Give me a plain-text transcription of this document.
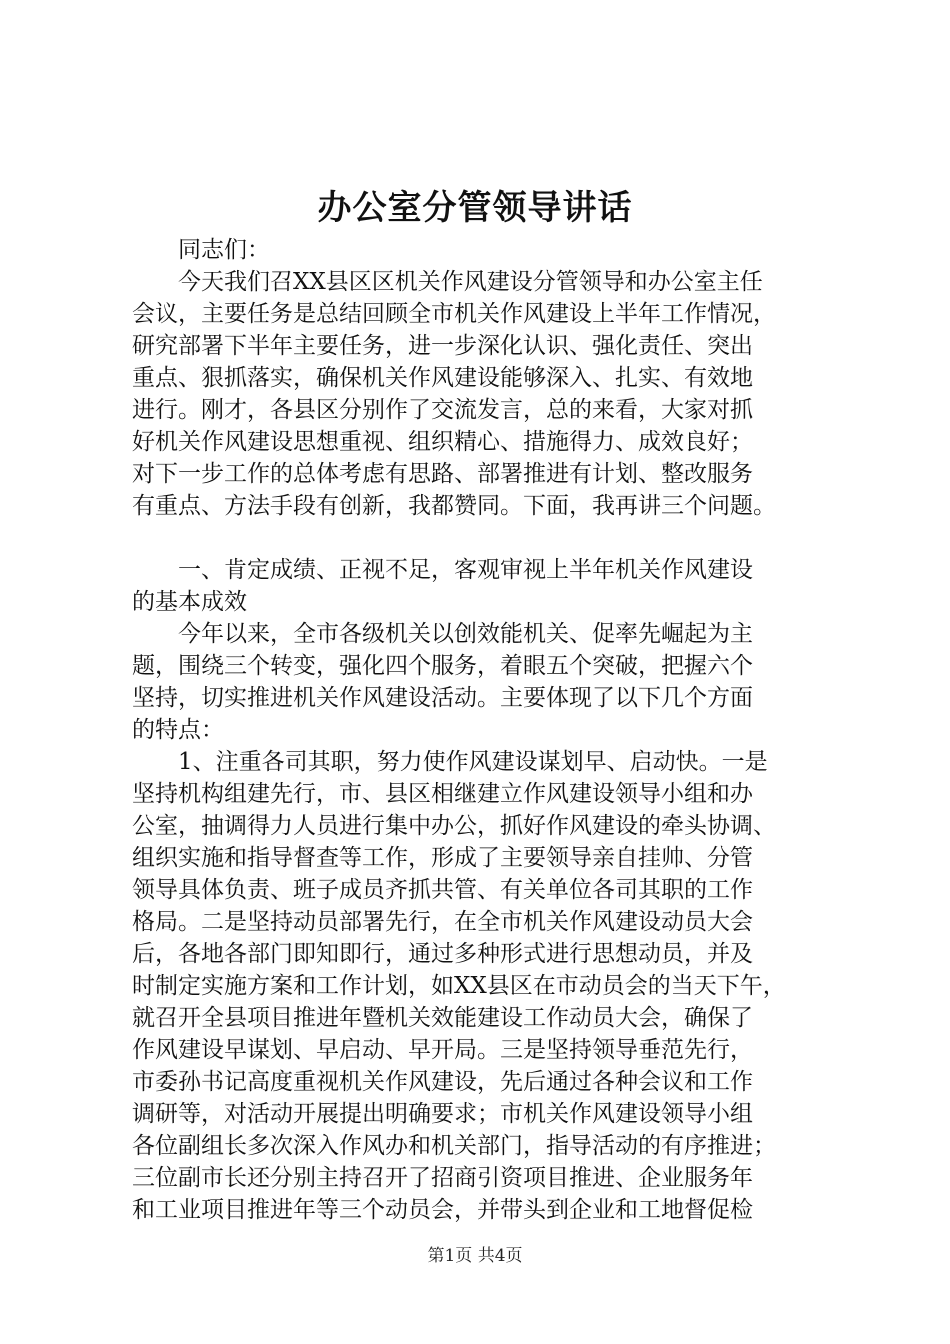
办公室分管领导讲话
　　同志们：
　　今天我们召XX县区区机关作风建设分管领导和办公室主任
会议，主要任务是总结回顾全市机关作风建设上半年工作情况，
研究部署下半年主要任务，进一步深化认识、强化责任、突出
重点、狠抓落实，确保机关作风建设能够深入、扎实、有效地
进行。刚才，各县区分别作了交流发言，总的来看，大家对抓
好机关作风建设思想重视、组织精心、措施得力、成效良好；
对下一步工作的总体考虑有思路、部署推进有计划、整改服务
有重点、方法手段有创新，我都赞同。下面，我再讲三个问题。
　　一、肯定成绩、正视不足，客观审视上半年机关作风建设
的基本成效
　　今年以来，全市各级机关以创效能机关、促率先崛起为主
题，围绕三个转变，强化四个服务，着眼五个突破，把握六个
坚持，切实推进机关作风建设活动。主要体现了以下几个方面
的特点：
　　1、注重各司其职，努力使作风建设谋划早、启动快。一是
坚持机构组建先行，市、县区相继建立作风建设领导小组和办
公室，抽调得力人员进行集中办公，抓好作风建设的牵头协调、
组织实施和指导督查等工作，形成了主要领导亲自挂帅、分管
领导具体负责、班子成员齐抓共管、有关单位各司其职的工作
格局。二是坚持动员部署先行，在全市机关作风建设动员大会
后，各地各部门即知即行，通过多种形式进行思想动员，并及
时制定实施方案和工作计划，如XX县区在市动员会的当天下午，
就召开全县项目推进年暨机关效能建设工作动员大会，确保了
作风建设早谋划、早启动、早开局。三是坚持领导垂范先行，
市委孙书记高度重视机关作风建设，先后通过各种会议和工作
调研等，对活动开展提出明确要求；市机关作风建设领导小组
各位副组长多次深入作风办和机关部门，指导活动的有序推进；
三位副市长还分别主持召开了招商引资项目推进、企业服务年
和工业项目推进年等三个动员会，并带头到企业和工地督促检
第1页 共4页
